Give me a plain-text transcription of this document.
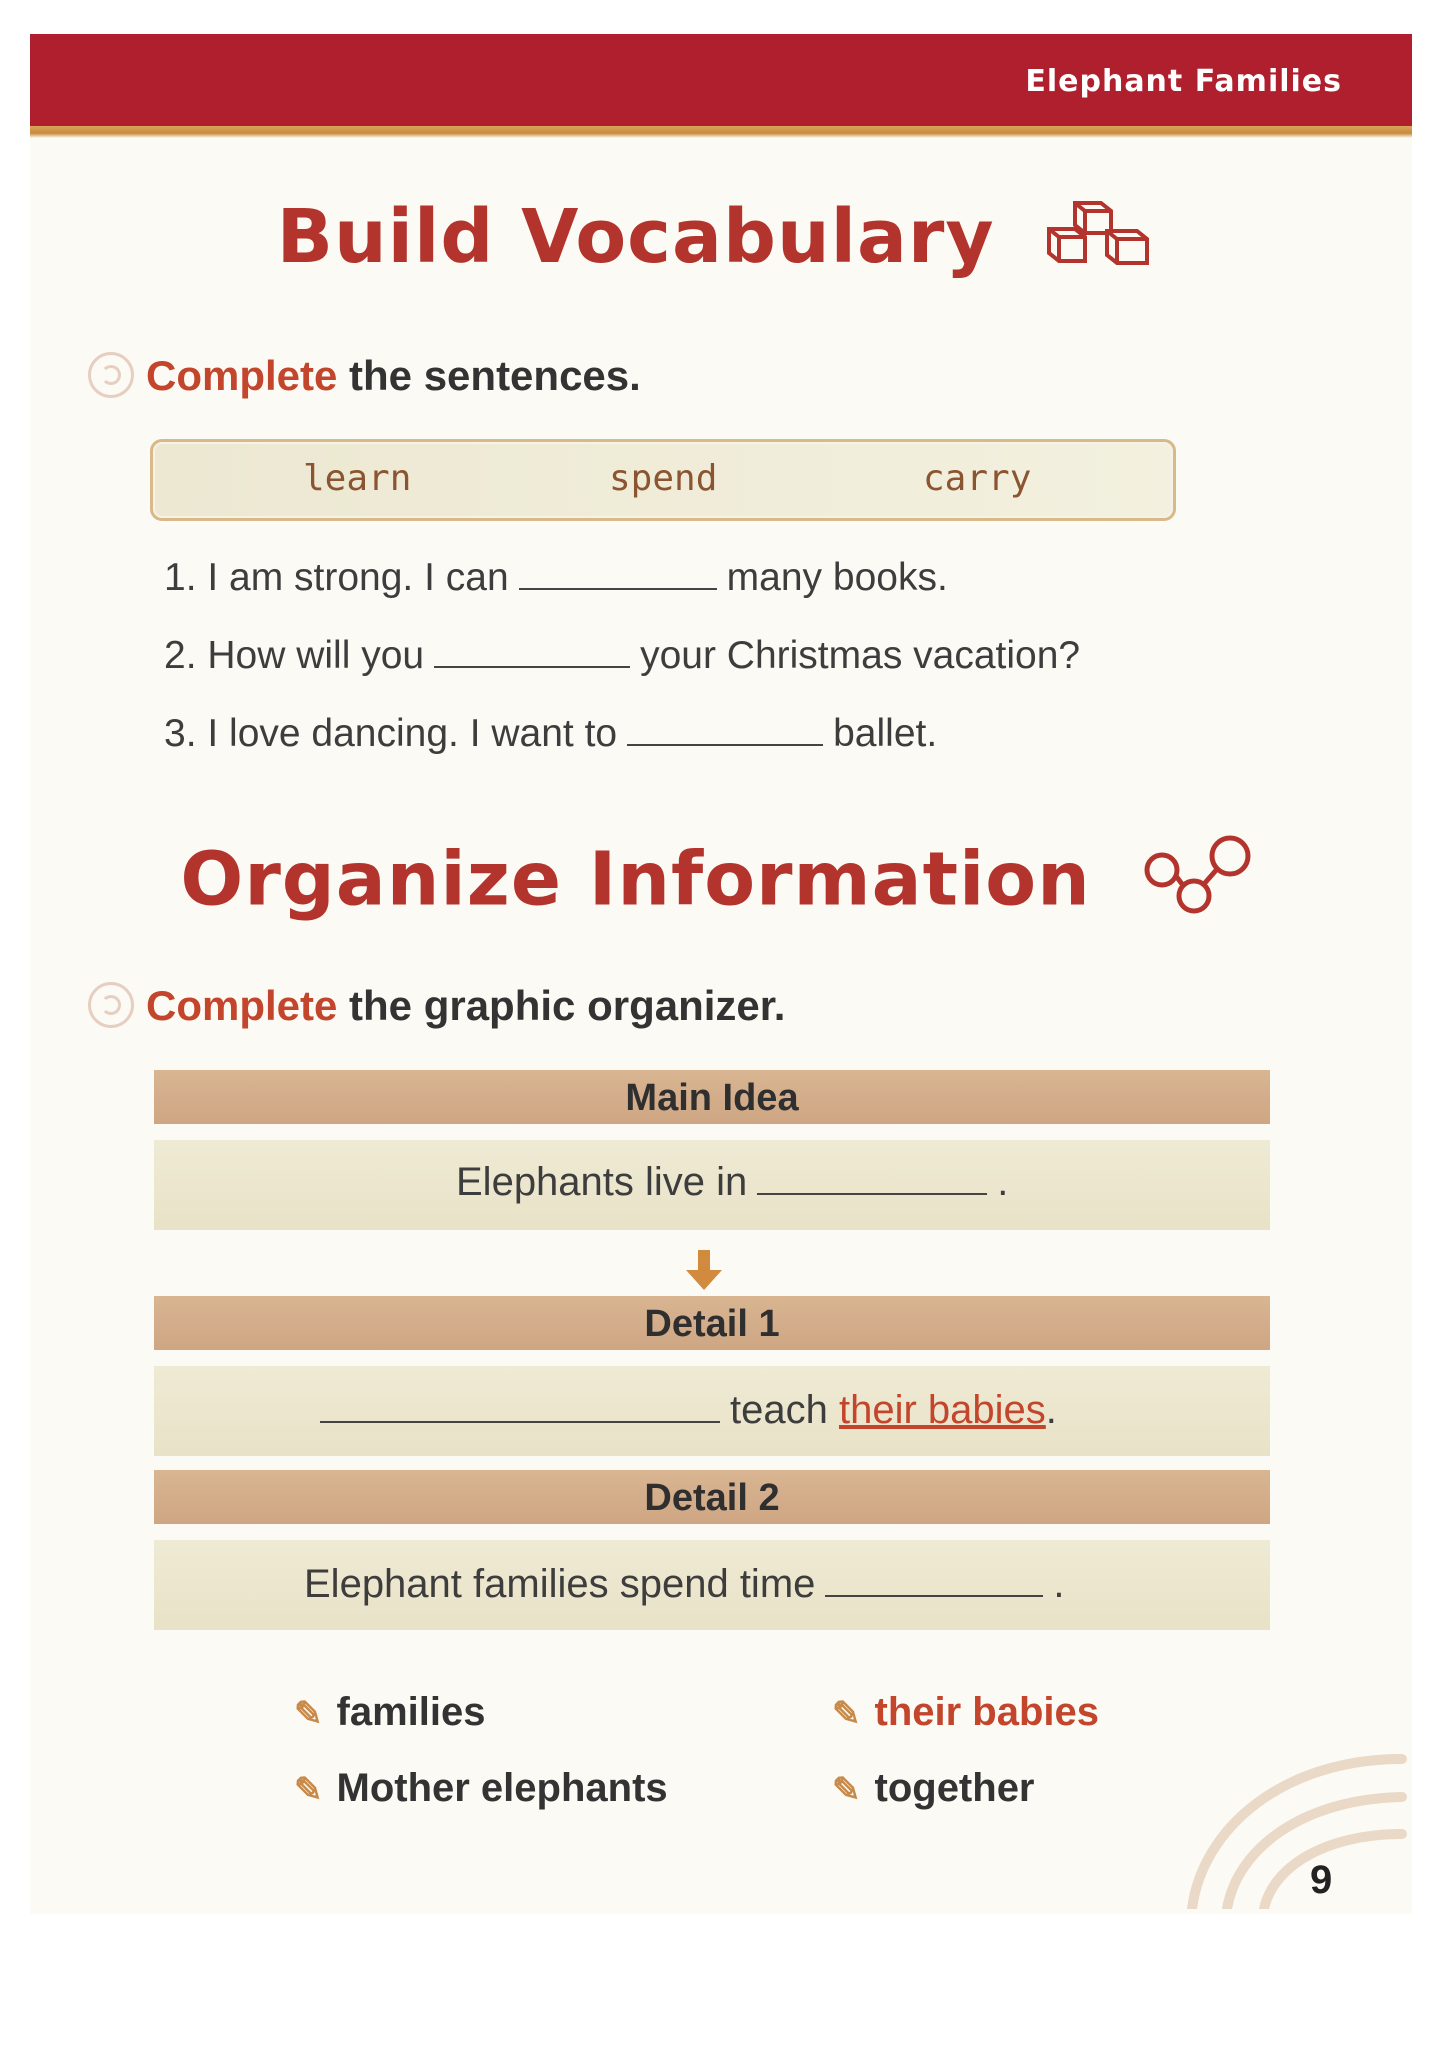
Elephant Families
Build Vocabulary
Complete the sentences.
learn	spend	carry
1. I am strong. I can	many books.
2. How will you	your Christmas vacation?
3. I love dancing. I want to	ballet.
Organize Information
Complete the graphic organizer.
Main Idea
Elephants live in	.
Detail 1
teach their babies.
Detail 2
Elephant families spend time	.
✎ families	✎ their babies
✎ Mother elephants	✎ together
9
